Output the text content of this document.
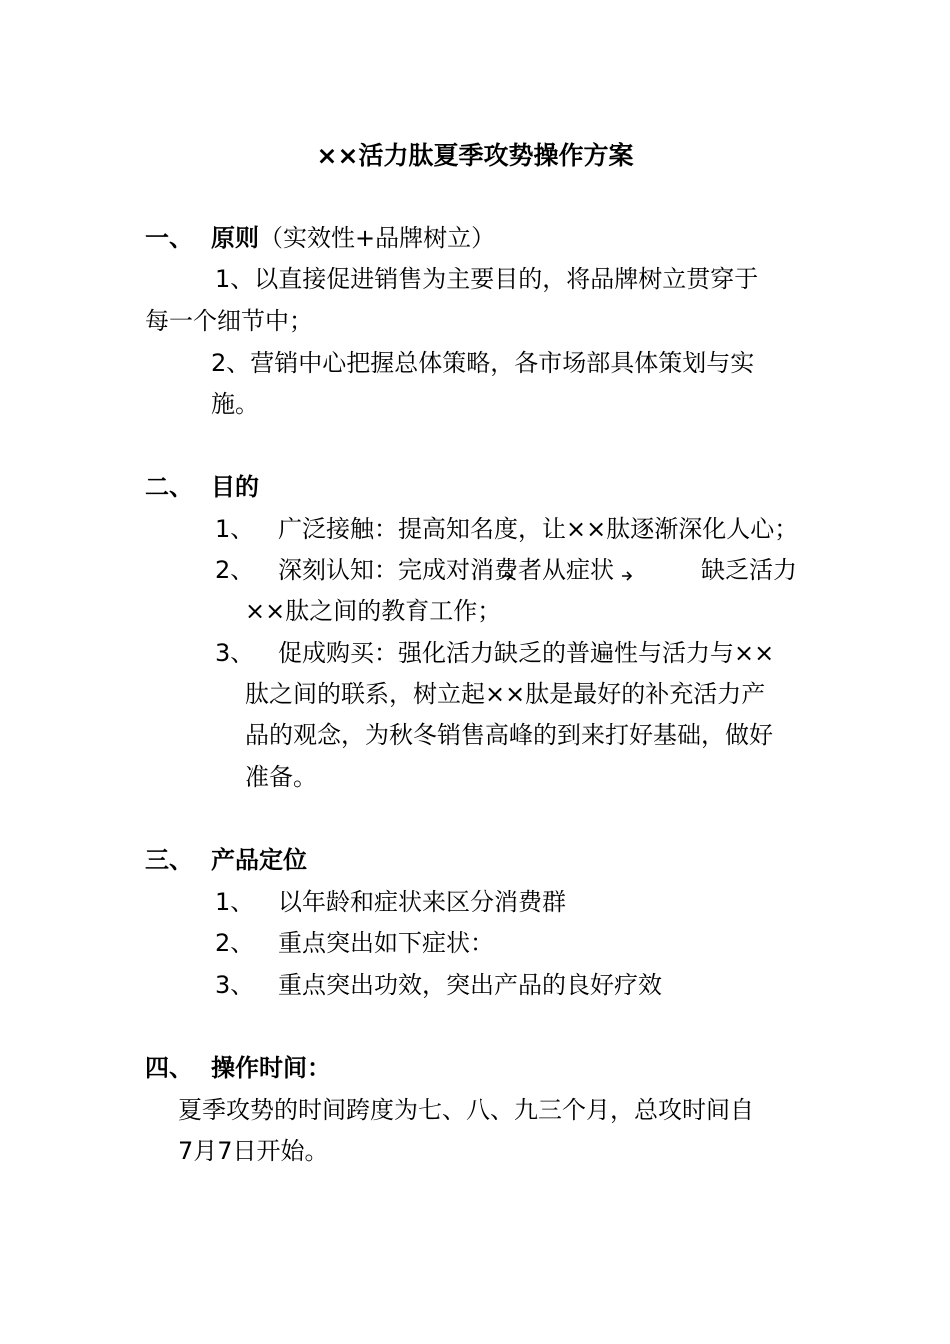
××活力肽夏季攻势操作方案
一、 原则（实效性+品牌树立）
1、以直接促进销售为主要目的，将品牌树立贯穿于
每一个细节中；
2、营销中心把握总体策略，各市场部具体策划与实
施。
二、 目的
1、 广泛接触：提高知名度，让××肽逐渐深化人心；
2、 深刻认知：完成对消费者从症状	缺乏活力
××肽之间的教育工作；
3、 促成购买：强化活力缺乏的普遍性与活力与××
肽之间的联系，树立起××肽是最好的补充活力产
品的观念，为秋冬销售高峰的到来打好基础，做好
准备。
三、 产品定位
1、 以年龄和症状来区分消费群
2、 重点突出如下症状：
3、 重点突出功效，突出产品的良好疗效
四、 操作时间：
夏季攻势的时间跨度为七、八、九三个月，总攻时间自
7月7日开始。
